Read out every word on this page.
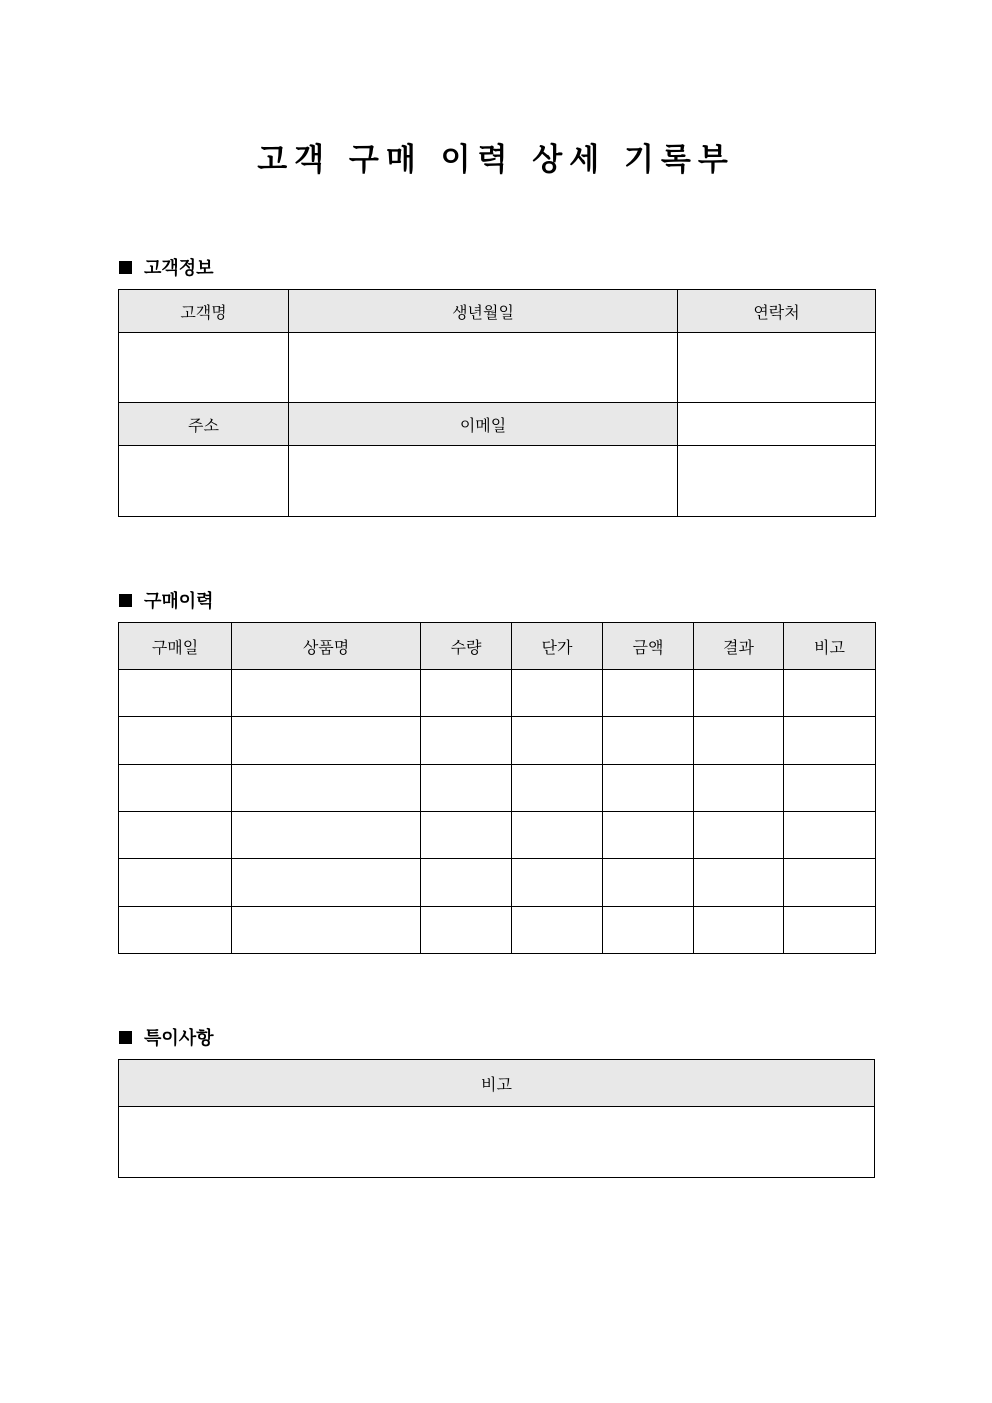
고객 구매 이력 상세 기록부
고객정보
고객명	생년월일	연락처

주소	이메일	

구매이력
구매일	상품명	수량	단가	금액	결과	비고

특이사항
비고
